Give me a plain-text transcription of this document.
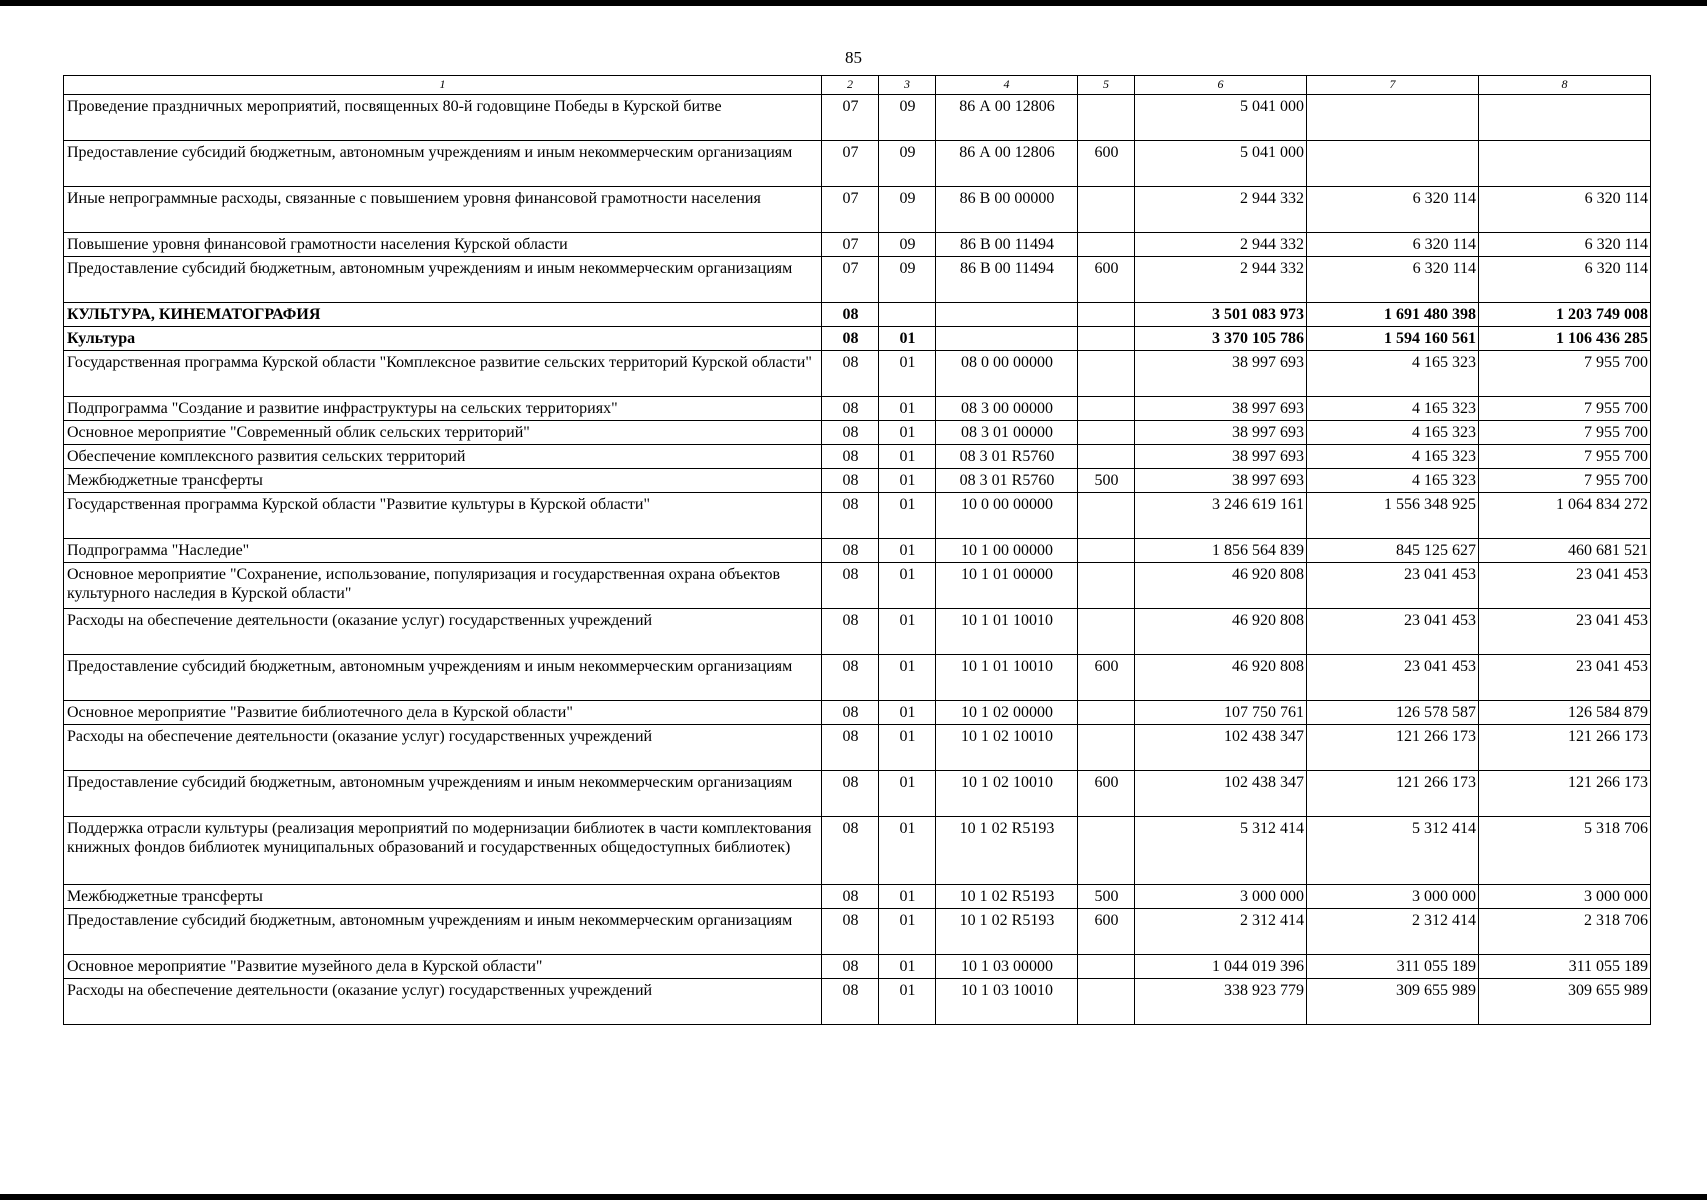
85
1	2	3	4	5	6	7	8
Проведение праздничных мероприятий, посвященных 80-й годовщине Победы в Курской битве	07	09	86 А 00 12806		5 041 000		
Предоставление субсидий бюджетным, автономным учреждениям и иным некоммерческим организациям	07	09	86 А 00 12806	600	5 041 000		
Иные непрограммные расходы, связанные с повышением уровня финансовой грамотности населения	07	09	86 В 00 00000		2 944 332	6 320 114	6 320 114
Повышение уровня финансовой грамотности населения Курской области	07	09	86 В 00 11494		2 944 332	6 320 114	6 320 114
Предоставление субсидий бюджетным, автономным учреждениям и иным некоммерческим организациям	07	09	86 В 00 11494	600	2 944 332	6 320 114	6 320 114
КУЛЬТУРА, КИНЕМАТОГРАФИЯ	08				3 501 083 973	1 691 480 398	1 203 749 008
Культура	08	01			3 370 105 786	1 594 160 561	1 106 436 285
Государственная программа Курской области "Комплексное развитие сельских территорий Курской области"	08	01	08 0 00 00000		38 997 693	4 165 323	7 955 700
Подпрограмма "Создание и развитие инфраструктуры на сельских территориях"	08	01	08 3 00 00000		38 997 693	4 165 323	7 955 700
Основное мероприятие "Современный облик сельских территорий"	08	01	08 3 01 00000		38 997 693	4 165 323	7 955 700
Обеспечение комплексного развития сельских территорий	08	01	08 3 01 R5760		38 997 693	4 165 323	7 955 700
Межбюджетные трансферты	08	01	08 3 01 R5760	500	38 997 693	4 165 323	7 955 700
Государственная программа Курской области "Развитие культуры в Курской области"	08	01	10 0 00 00000		3 246 619 161	1 556 348 925	1 064 834 272
Подпрограмма "Наследие"	08	01	10 1 00 00000		1 856 564 839	845 125 627	460 681 521
Основное мероприятие "Сохранение, использование, популяризация и государственная охрана объектов культурного наследия в Курской области"	08	01	10 1 01 00000		46 920 808	23 041 453	23 041 453
Расходы на обеспечение деятельности (оказание услуг) государственных учреждений	08	01	10 1 01 10010		46 920 808	23 041 453	23 041 453
Предоставление субсидий бюджетным, автономным учреждениям и иным некоммерческим организациям	08	01	10 1 01 10010	600	46 920 808	23 041 453	23 041 453
Основное мероприятие "Развитие библиотечного дела в Курской области"	08	01	10 1 02 00000		107 750 761	126 578 587	126 584 879
Расходы на обеспечение деятельности (оказание услуг) государственных учреждений	08	01	10 1 02 10010		102 438 347	121 266 173	121 266 173
Предоставление субсидий бюджетным, автономным учреждениям и иным некоммерческим организациям	08	01	10 1 02 10010	600	102 438 347	121 266 173	121 266 173
Поддержка отрасли культуры (реализация мероприятий по модернизации библиотек в части комплектования книжных фондов библиотек муниципальных образований и государственных общедоступных библиотек)	08	01	10 1 02 R5193		5 312 414	5 312 414	5 318 706
Межбюджетные трансферты	08	01	10 1 02 R5193	500	3 000 000	3 000 000	3 000 000
Предоставление субсидий бюджетным, автономным учреждениям и иным некоммерческим организациям	08	01	10 1 02 R5193	600	2 312 414	2 312 414	2 318 706
Основное мероприятие "Развитие музейного дела в Курской области"	08	01	10 1 03 00000		1 044 019 396	311 055 189	311 055 189
Расходы на обеспечение деятельности (оказание услуг) государственных учреждений	08	01	10 1 03 10010		338 923 779	309 655 989	309 655 989
